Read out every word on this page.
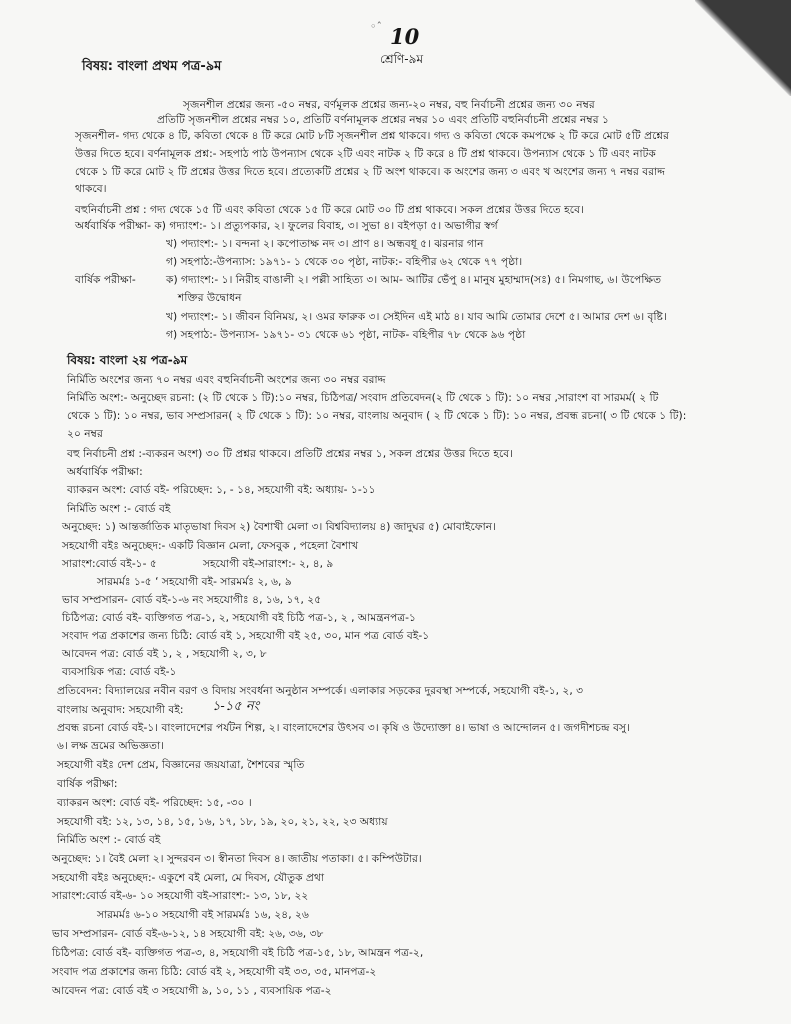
◦ˆ 10
শ্রেণি-৯ম
বিষয়: বাংলা প্রথম পত্র-৯ম
সৃজনশীল প্রশ্নের জন্য -৫০ নম্বর, বর্ণমূলক প্রশ্নের জন্য-২০ নম্বর, বহু নির্বাচনী প্রশ্নের জন্য ৩০ নম্বর
প্রতিটি সৃজনশীল প্রশ্নের নম্বর ১০, প্রতিটি বর্ণনামূলক প্রশ্নের নম্বর ১০ এবং প্রতিটি বহুনির্বাচনী প্রশ্নের নম্বর ১
সৃজনশীল- গদ্য থেকে ৪ টি, কবিতা থেকে ৪ টি করে মোট ৮টি সৃজনশীল প্রশ্ন থাকবে। গদ্য ও কবিতা থেকে কমপক্ষে ২ টি করে মোট ৫টি প্রশ্নের
উত্তর দিতে হবে। বর্ণনামূলক প্রশ্ন:- সহপাঠ পাঠ উপন্যাস থেকে ২টি এবং নাটক ২ টি করে ৪ টি প্রশ্ন থাকবে। উপন্যাস থেকে ১ টি এবং নাটক
থেকে ১ টি করে মোট ২ টি প্রশ্নের উত্তর দিতে হবে। প্রত্যেকটি প্রশ্নের ২ টি অংশ থাকবে। ক অংশের জন্য ৩ এবং খ অংশের জন্য ৭ নম্বর বরাদ্দ
থাকবে।
বহুনির্বাচনী প্রশ্ন : গদ্য থেকে ১৫ টি এবং কবিতা থেকে ১৫ টি করে মোট ৩০ টি প্রশ্ন থাকবে। সকল প্রশ্নের উত্তর দিতে হবে।
অর্ধবার্ষিক পরীক্ষা- ক) গদ্যাংশ:- ১। প্রত্যুপকার, ২। ফুলের বিবাহ, ৩। সুভা ৪। বইপড়া ৫। অভাগীর স্বর্গ
খ) পদ্যাংশ:- ১। বন্দনা ২। কপোতাক্ষ নদ ৩। প্রাণ ৪। অন্ধবধূ ৫। ঝরনার গান
গ) সহপাঠ:-উপন্যাস: ১৯৭১- ১ থেকে ৩০ পৃষ্ঠা, নাটক:- বহিপীর ৬২ থেকে ৭৭ পৃষ্ঠা।
বার্ষিক পরীক্ষা-	ক) গদ্যাংশ:- ১। নিরীহ বাঙালী ২। পল্লী সাহিত্য ৩। আম- আটির ভেঁপু ৪। মানুষ মুহাম্মাদ(সঃ) ৫। নিমগাছ, ৬। উপেক্ষিত
শক্তির উদ্বোধন
খ) পদ্যাংশ:- ১। জীবন বিনিময়, ২। ওমর ফারুক ৩। সেইদিন এই মাঠ ৪। যাব আমি তোমার দেশে ৫। আমার দেশ ৬। বৃষ্টি।
গ) সহপাঠ:- উপন্যাস- ১৯৭১- ৩১ থেকে ৬১ পৃষ্ঠা, নাটক- বহিপীর ৭৮ থেকে ৯৬ পৃষ্ঠা
বিষয়: বাংলা ২য় পত্র-৯ম
নির্মিতি অংশের জন্য ৭০ নম্বর এবং বহুনির্বাচনী অংশের জন্য ৩০ নম্বর বরাদ্দ
নির্মিতি অংশ:- অনুচ্ছেদ রচনা: (২ টি থেকে ১ টি):১০ নম্বর, চিঠিপত্র/ সংবাদ প্রতিবেদন(২ টি থেকে ১ টি): ১০ নম্বর ,সারাংশ বা সারমর্ম( ২ টি
থেকে ১ টি): ১০ নম্বর, ভাব সম্প্রসারন( ২ টি থেকে ১ টি): ১০ নম্বর, বাংলায় অনুবাদ ( ২ টি থেকে ১ টি): ১০ নম্বর, প্রবন্ধ রচনা( ৩ টি থেকে ১ টি):
২০ নম্বর
বহু নির্বাচনী প্রশ্ন :-ব্যকরন অংশ) ৩০ টি প্রশ্নর থাকবে। প্রতিটি প্রশ্নের নম্বর ১, সকল প্রশ্নের উত্তর দিতে হবে।
অর্ধবার্ষিক পরীক্ষা:
ব্যাকরন অংশ: বোর্ড বই- পরিচ্ছেদ: ১, - ১৪, সহযোগী বই: অধ্যায়- ১-১১
নির্মিতি অংশ :- বোর্ড বই
অনুচ্ছেদ: ১) আন্তর্জাতিক মাতৃভাষা দিবস ২) বৈশাখী মেলা ৩। বিশ্ববিদ্যালয় ৪) জাদুঘর ৫) মোবাইফোন।
সহযোগী বইঃ অনুচ্ছেদ:- একটি বিজ্ঞান মেলা, ফেসবুক , পহেলা বৈশাখ
সারাংশ:বোর্ড বই-১- ৫	সহযোগী বই-সারাংশ:- ২, ৪, ৯
সারমর্মঃ ১-৫ ‘ সহযোগী বই- সারমর্মঃ ২, ৬, ৯
ভাব সম্প্রসারন- বোর্ড বই-১-৬ নং সহযোগীঃ ৪, ১৬, ১৭, ২৫
চিঠিপত্র: বোর্ড বই- ব্যক্তিগত পত্র-১, ২, সহযোগী বই চিঠি পত্র-১, ২ , আমন্ত্রনপত্র-১
সংবাদ পত্র প্রকাশের জন্য চিঠি: বোর্ড বই ১, সহযোগী বই ২৫, ৩০, মান পত্র বোর্ড বই-১
আবেদন পত্র: বোর্ড বই ১, ২ , সহযোগী ২, ৩, ৮
ব্যবসায়িক পত্র: বোর্ড বই-১
প্রতিবেদন: বিদ্যালয়ের নবীন বরণ ও বিদায় সংবর্ধনা অনুষ্ঠান সম্পর্কে। এলাকার সড়কের দুরবস্থা সম্পর্কে, সহযোগী বই-১, ২, ৩
বাংলায় অনুবাদ: সহযোগী বই: ১-১৫ নং
প্রবন্ধ রচনা বোর্ড বই-১। বাংলাদেশের পর্যটন শিল্প, ২। বাংলাদেশের উৎসব ৩। কৃষি ও উদ্যোক্তা ৪। ভাষা ও আন্দোলন ৫। জগদীশচন্দ্র বসু।
৬। লক্ষ ভ্রমের অভিজ্ঞতা।
সহযোগী বইঃ দেশ প্রেম, বিজ্ঞানের জয়যাত্রা, শৈশবের স্মৃতি
বার্ষিক পরীক্ষা:
ব্যাকরন অংশ: বোর্ড বই- পরিচ্ছেদ: ১৫, -৩০ ।
সহযোগী বই: ১২, ১৩, ১৪, ১৫, ১৬, ১৭, ১৮, ১৯, ২০, ২১, ২২, ২৩ অধ্যায়
নির্মিতি অংশ :- বোর্ড বই
অনুচ্ছেদ: ১। বৈই মেলা ২। সুন্দরবন ৩। স্বীনতা দিবস ৪। জাতীয় পতাকা। ৫। কম্পিউটার।
সহযোগী বইঃ অনুচ্ছেদ:- একুশে বই মেলা, মে দিবস, যৌতুক প্রথা
সারাংশ:বোর্ড বই-৬- ১০ সহযোগী বই-সারাংশ:- ১৩, ১৮, ২২
সারমর্মঃ ৬-১০ সহযোগী বই সারমর্মঃ ১৬, ২৪, ২৬
ভাব সম্প্রসারন- বোর্ড বই-৬-১২, ১৪ সহযোগী বই: ২৬, ৩৬, ৩৮
চিঠিপত্র: বোর্ড বই- ব্যক্তিগত পত্র-৩, ৪, সহযোগী বই চিঠি পত্র-১৫, ১৮, আমন্ত্রন পত্র-২,
সংবাদ পত্র প্রকাশের জন্য চিঠি: বোর্ড বই ২, সহযোগী বই ৩৩, ৩৫, মানপত্র-২
আবেদন পত্র: বোর্ড বই ৩ সহযোগী ৯, ১০, ১১ , ব্যবসায়িক পত্র-২
